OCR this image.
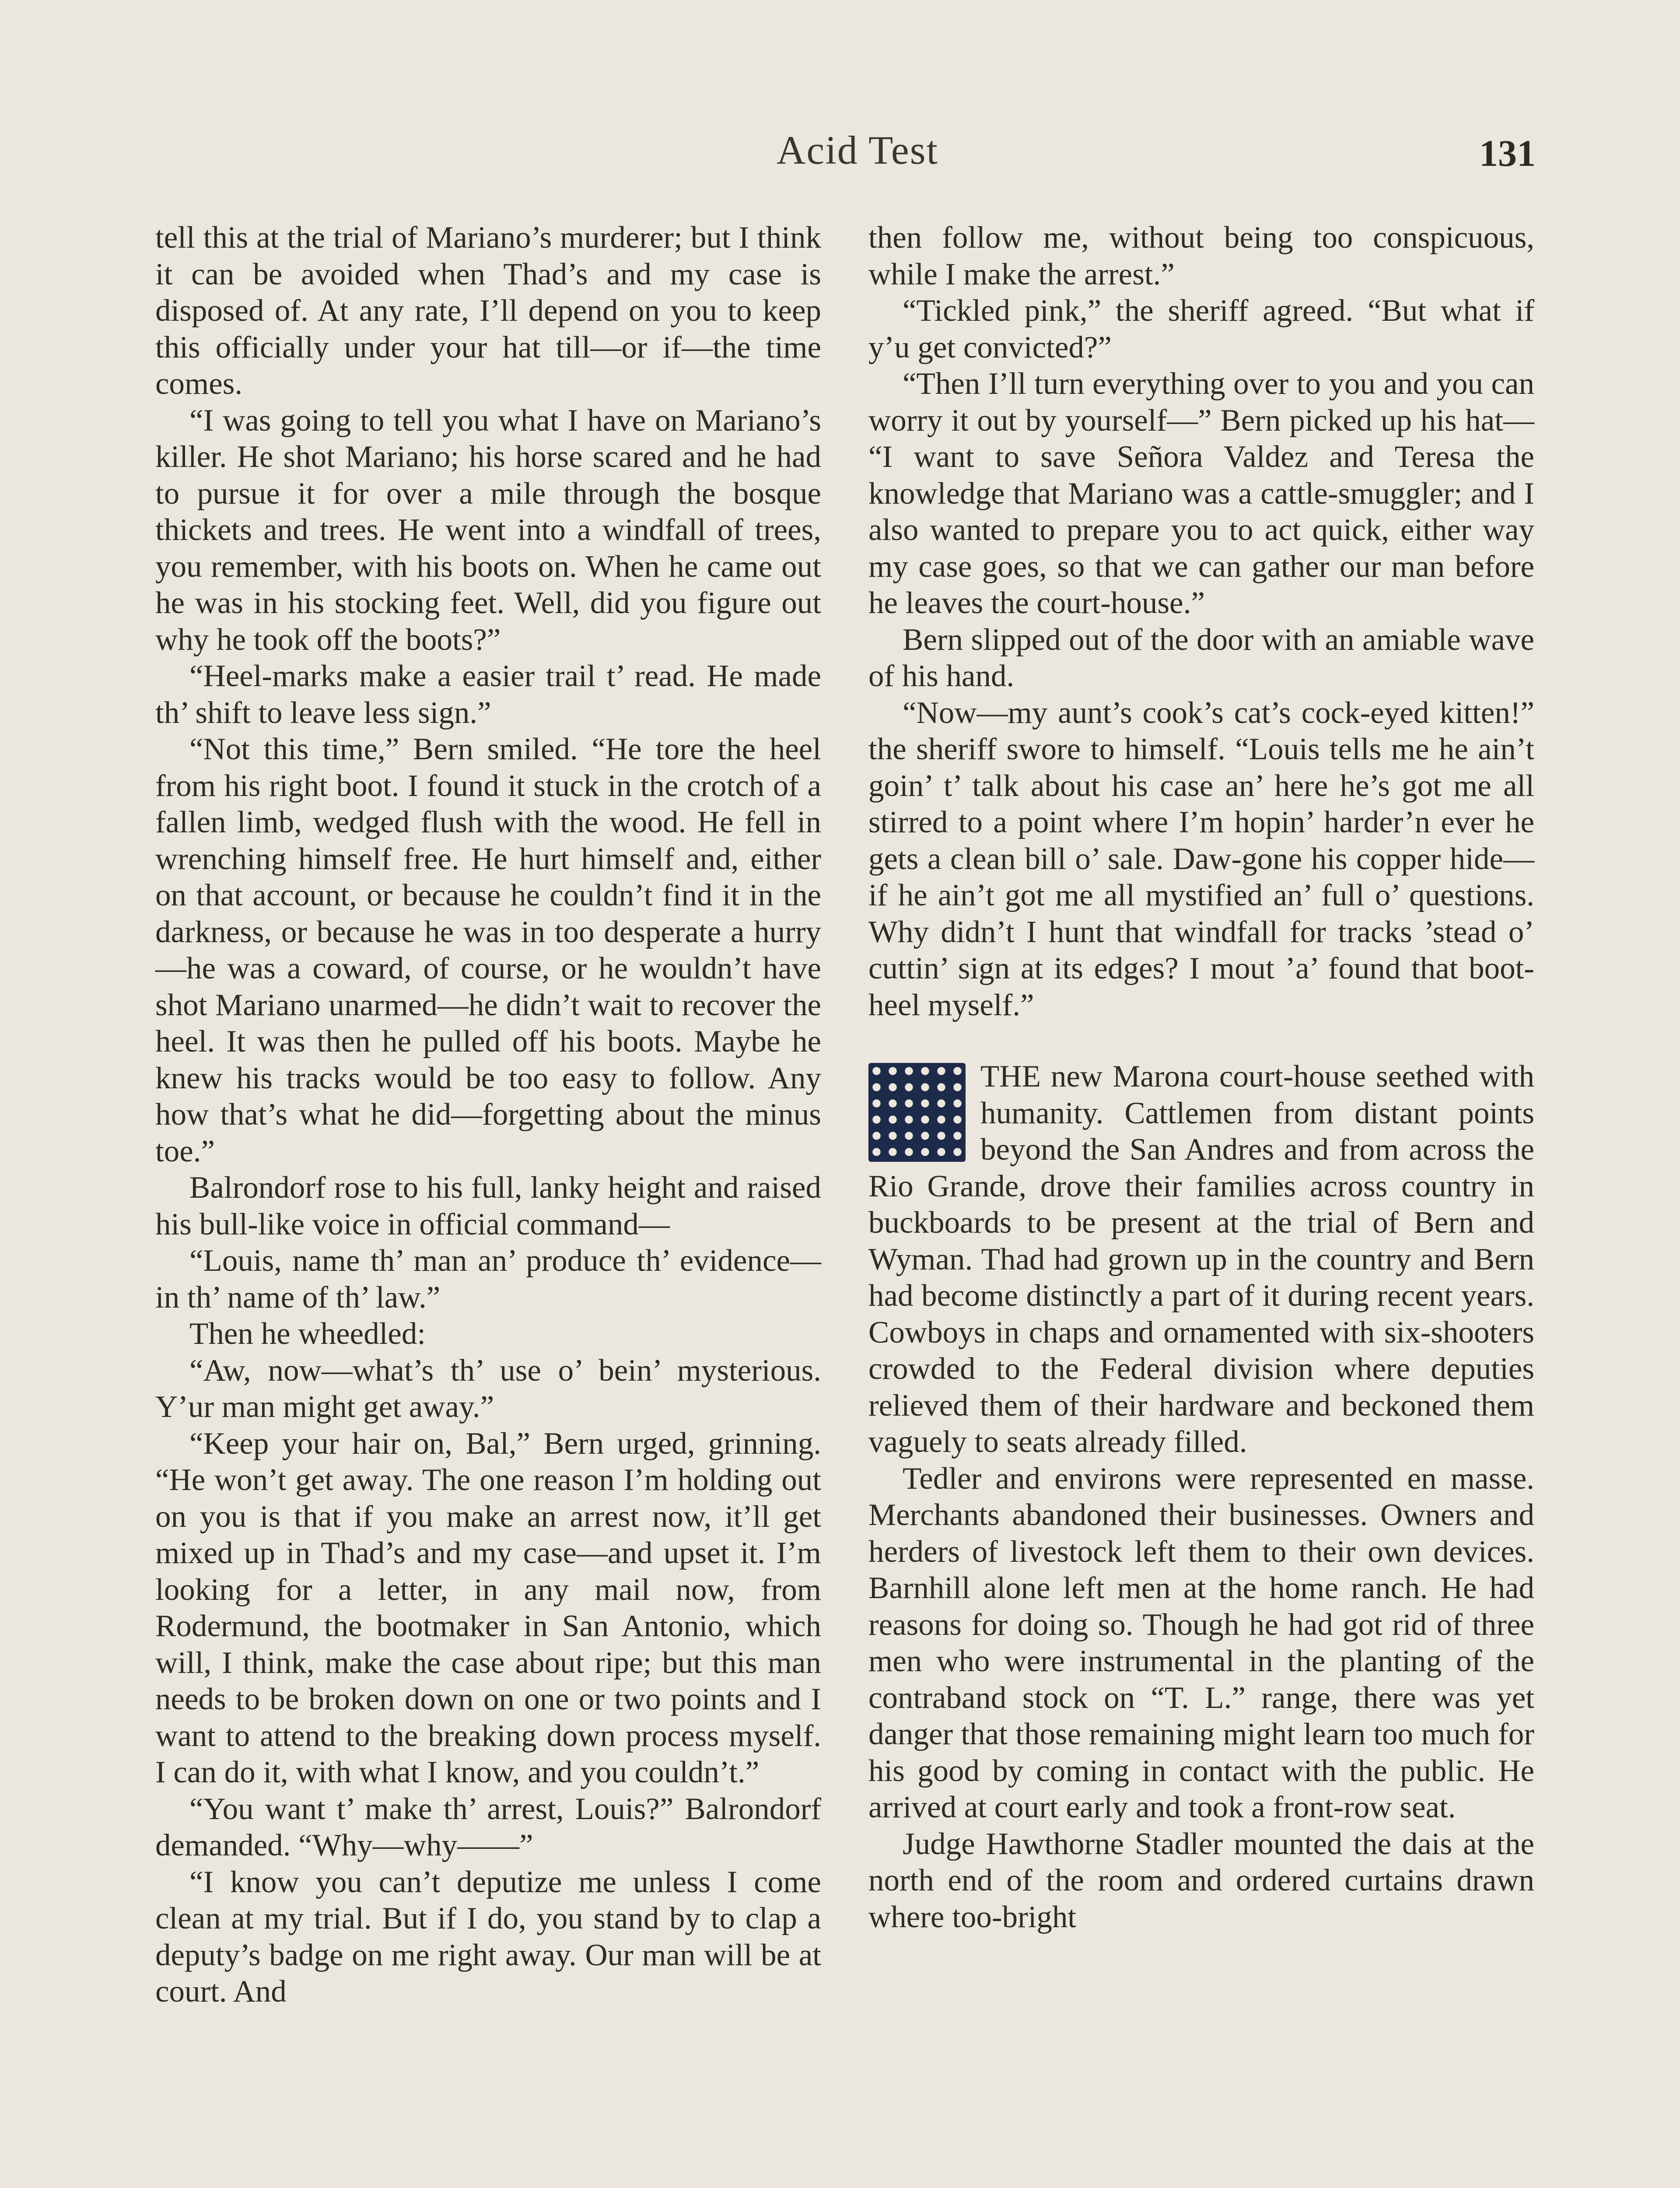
Acid Test	131

tell this at the trial of Mariano’s murderer; but I think it can be avoided when Thad’s and my case is disposed of. At any rate, I’ll depend on you to keep this officially under your hat till—or if—the time comes.

“I was going to tell you what I have on Mariano’s killer. He shot Mariano; his horse scared and he had to pursue it for over a mile through the bosque thickets and trees. He went into a windfall of trees, you remember, with his boots on. When he came out he was in his stocking feet. Well, did you figure out why he took off the boots?”

“Heel-marks make a easier trail t’ read. He made th’ shift to leave less sign.”

“Not this time,” Bern smiled. “He tore the heel from his right boot. I found it stuck in the crotch of a fallen limb, wedged flush with the wood. He fell in wrenching himself free. He hurt himself and, either on that account, or because he couldn’t find it in the darkness, or because he was in too desperate a hurry—he was a coward, of course, or he wouldn’t have shot Mariano unarmed—he didn’t wait to recover the heel. It was then he pulled off his boots. Maybe he knew his tracks would be too easy to follow. Any how that’s what he did—forgetting about the minus toe.”

Balrondorf rose to his full, lanky height and raised his bull-like voice in official command—

“Louis, name th’ man an’ produce th’ evidence—in th’ name of th’ law.”

Then he wheedled:

“Aw, now—what’s th’ use o’ bein’ mysterious. Y’ur man might get away.”

“Keep your hair on, Bal,” Bern urged, grinning. “He won’t get away. The one reason I’m holding out on you is that if you make an arrest now, it’ll get mixed up in Thad’s and my case—and upset it. I’m looking for a letter, in any mail now, from Rodermund, the bootmaker in San Antonio, which will, I think, make the case about ripe; but this man needs to be broken down on one or two points and I want to attend to the breaking down process myself. I can do it, with what I know, and you couldn’t.”

“You want t’ make th’ arrest, Louis?” Balrondorf demanded. “Why—why——”

“I know you can’t deputize me unless I come clean at my trial. But if I do, you stand by to clap a deputy’s badge on me right away. Our man will be at court. And

then follow me, without being too conspicuous, while I make the arrest.”

“Tickled pink,” the sheriff agreed. “But what if y’u get convicted?”

“Then I’ll turn everything over to you and you can worry it out by yourself—” Bern picked up his hat— “I want to save Señora Valdez and Teresa the knowledge that Mariano was a cattle-smuggler; and I also wanted to prepare you to act quick, either way my case goes, so that we can gather our man before he leaves the court-house.”

Bern slipped out of the door with an amiable wave of his hand.

“Now—my aunt’s cook’s cat’s cock-eyed kitten!” the sheriff swore to himself. “Louis tells me he ain’t goin’ t’ talk about his case an’ here he’s got me all stirred to a point where I’m hopin’ harder’n ever he gets a clean bill o’ sale. Daw-gone his copper hide—if he ain’t got me all mystified an’ full o’ questions. Why didn’t I hunt that windfall for tracks ’stead o’ cuttin’ sign at its edges? I mout ’a’ found that boot-heel myself.”

THE new Marona court-house seethed with humanity. Cattlemen from distant points beyond the San Andres and from across the Rio Grande, drove their families across country in buckboards to be present at the trial of Bern and Wyman. Thad had grown up in the country and Bern had become distinctly a part of it during recent years. Cowboys in chaps and ornamented with six-shooters crowded to the Federal division where deputies relieved them of their hardware and beckoned them vaguely to seats already filled.

Tedler and environs were represented en masse. Merchants abandoned their businesses. Owners and herders of livestock left them to their own devices. Barnhill alone left men at the home ranch. He had reasons for doing so. Though he had got rid of three men who were instrumental in the planting of the contraband stock on “T. L.” range, there was yet danger that those remaining might learn too much for his good by coming in contact with the public. He arrived at court early and took a front-row seat.

Judge Hawthorne Stadler mounted the dais at the north end of the room and ordered curtains drawn where too-bright
